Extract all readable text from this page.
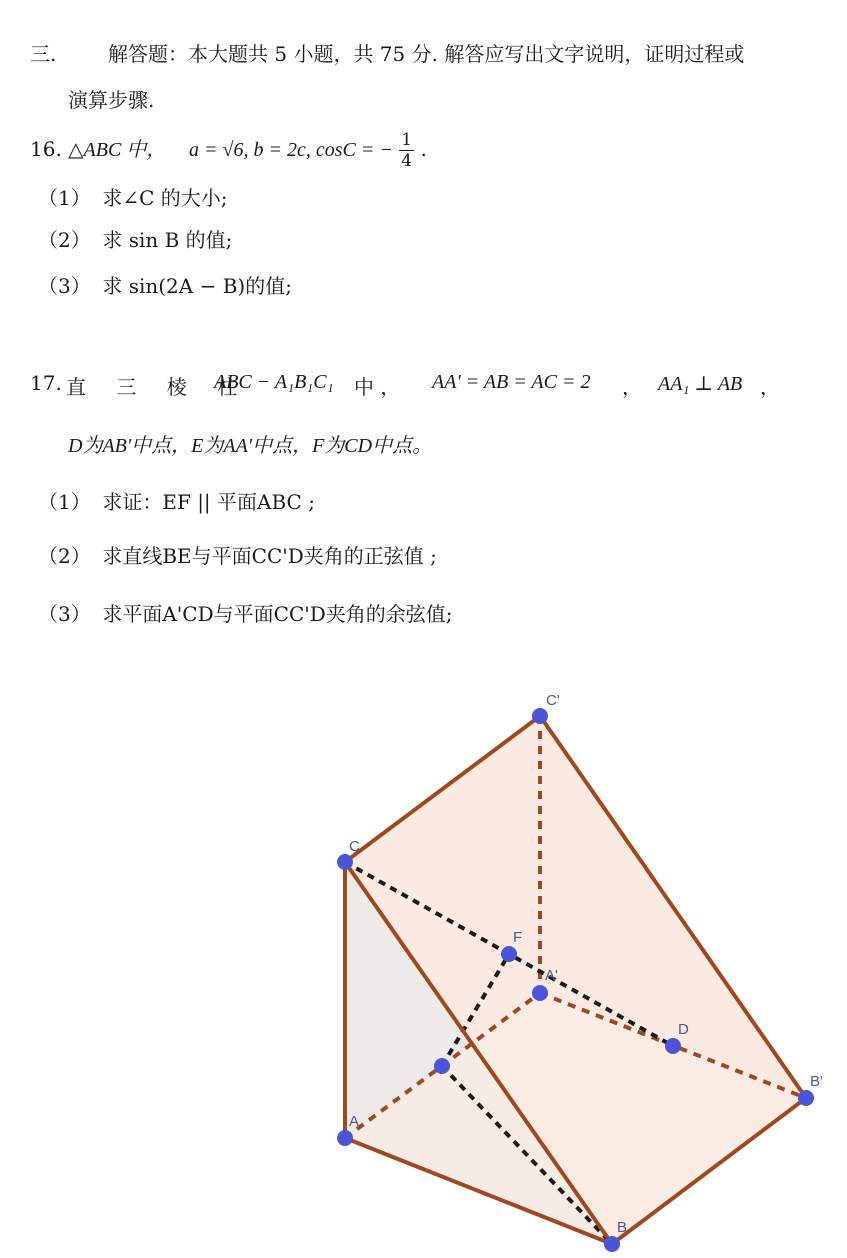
三.	解答题：本大题共 5 小题，共 75 分. 解答应写出文字说明，证明过程或
演算步骤.
16. △ABC 中， a = √6, b = 2c, cosC = − $\frac{1}{4}$ .
（1） 求∠C 的大小;
（2） 求 sin B 的值;
（3） 求 sin(2A − B)的值;
17. 直 三 棱 柱
ABC − A₁B₁C₁ 中 ， AA' = AB = AC = 2 ， AA₁ ⊥ AB ，
D为AB'中点，E为AA'中点，F为CD中点。
（1） 求证：EF || 平面ABC ;
（2） 求直线BE与平面CC'D夹角的正弦值 ;
（3） 求平面A'CD与平面CC'D夹角的余弦值;
C
C'
F
A'
D
B'
A
B
